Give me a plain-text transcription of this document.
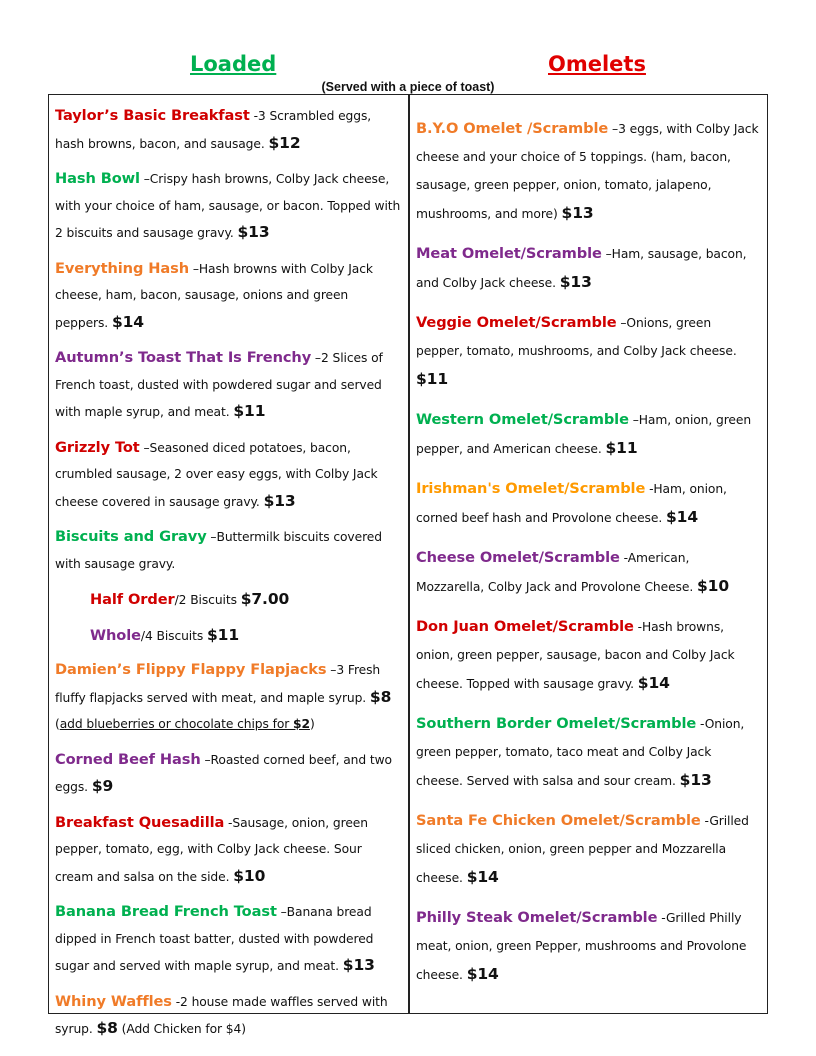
Loaded	Omelets
(Served with a piece of toast)
Taylor’s Basic Breakfast -3 Scrambled eggs, hash browns, bacon, and sausage. $12
Hash Bowl –Crispy hash browns, Colby Jack cheese, with your choice of ham, sausage, or bacon. Topped with 2 biscuits and sausage gravy. $13
Everything Hash –Hash browns with Colby Jack cheese, ham, bacon, sausage, onions and green peppers. $14
Autumn’s Toast That Is Frenchy –2 Slices of French toast, dusted with powdered sugar and served with maple syrup, and meat. $11
Grizzly Tot –Seasoned diced potatoes, bacon, crumbled sausage, 2 over easy eggs, with Colby Jack cheese covered in sausage gravy. $13
Biscuits and Gravy –Buttermilk biscuits covered with sausage gravy.
Half Order/2 Biscuits $7.00
Whole/4 Biscuits $11
Damien’s Flippy Flappy Flapjacks –3 Fresh fluffy flapjacks served with meat, and maple syrup. $8 (add blueberries or chocolate chips for $2)
Corned Beef Hash –Roasted corned beef, and two eggs. $9
Breakfast Quesadilla -Sausage, onion, green pepper, tomato, egg, with Colby Jack cheese. Sour cream and salsa on the side. $10
Banana Bread French Toast –Banana bread dipped in French toast batter, dusted with powdered sugar and served with maple syrup, and meat. $13
Whiny Waffles -2 house made waffles served with syrup. $8 (Add Chicken for $4)
B.Y.O Omelet /Scramble –3 eggs, with Colby Jack cheese and your choice of 5 toppings. (ham, bacon, sausage, green pepper, onion, tomato, jalapeno, mushrooms, and more) $13
Meat Omelet/Scramble –Ham, sausage, bacon, and Colby Jack cheese. $13
Veggie Omelet/Scramble –Onions, green pepper, tomato, mushrooms, and Colby Jack cheese. $11
Western Omelet/Scramble –Ham, onion, green pepper, and American cheese. $11
Irishman's Omelet/Scramble -Ham, onion, corned beef hash and Provolone cheese. $14
Cheese Omelet/Scramble -American, Mozzarella, Colby Jack and Provolone Cheese. $10
Don Juan Omelet/Scramble -Hash browns, onion, green pepper, sausage, bacon and Colby Jack cheese. Topped with sausage gravy. $14
Southern Border Omelet/Scramble -Onion, green pepper, tomato, taco meat and Colby Jack cheese. Served with salsa and sour cream. $13
Santa Fe Chicken Omelet/Scramble -Grilled sliced chicken, onion, green pepper and Mozzarella cheese. $14
Philly Steak Omelet/Scramble -Grilled Philly meat, onion, green Pepper, mushrooms and Provolone cheese. $14
